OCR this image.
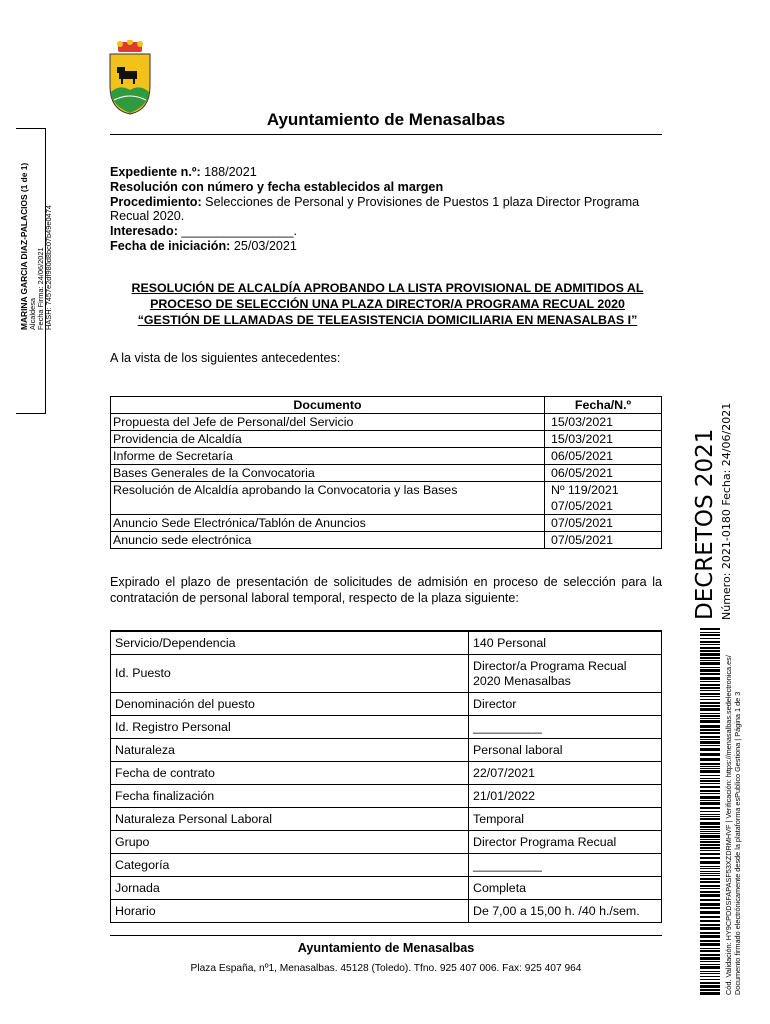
Ayuntamiento de Menasalbas
MARINA GARCIA DIAZ-PALACIOS (1 de 1) Alcaldesa Fecha Firma: 24/06/2021 HASH: 7457e2df980d8bc07b49e0474
Expediente n.º: 188/2021
Resolución con número y fecha establecidos al margen
Procedimiento: Selecciones de Personal y Provisiones de Puestos 1 plaza Director Programa Recual 2020.
Interesado: ________________.
Fecha de iniciación: 25/03/2021
RESOLUCIÓN DE ALCALDÍA APROBANDO LA LISTA PROVISIONAL DE ADMITIDOS AL
PROCESO DE SELECCIÓN UNA PLAZA DIRECTOR/A PROGRAMA RECUAL 2020
“GESTIÓN DE LLAMADAS DE TELEASISTENCIA DOMICILIARIA EN MENASALBAS I”
A la vista de los siguientes antecedentes:
Documento	Fecha/N.º
Propuesta del Jefe de Personal/del Servicio	15/03/2021
Providencia de Alcaldía	15/03/2021
Informe de Secretaría	06/05/2021
Bases Generales de la Convocatoria	06/05/2021
Resolución de Alcaldía aprobando la Convocatoria y las Bases	Nº 119/2021 07/05/2021
Anuncio Sede Electrónica/Tablón de Anuncios	07/05/2021
Anuncio sede electrónica	07/05/2021
Expirado el plazo de presentación de solicitudes de admisión en proceso de selección para la contratación de personal laboral temporal, respecto de la plaza siguiente:
Servicio/Dependencia	140 Personal
Id. Puesto	Director/a Programa Recual 2020 Menasalbas
Denominación del puesto	Director
Id. Registro Personal	__________
Naturaleza	Personal laboral
Fecha de contrato	22/07/2021
Fecha finalización	21/01/2022
Naturaleza Personal Laboral	Temporal
Grupo	Director Programa Recual
Categoría	__________
Jornada	Completa
Horario	De 7,00 a 15,00 h. /40 h./sem.
Ayuntamiento de Menasalbas
Plaza España, nº1, Menasalbas. 45128 (Toledo). Tfno. 925 407 006. Fax: 925 407 964
DECRETOS 2021 Número: 2021-0180 Fecha: 24/06/2021
Cód. Validación: HY9CPDDSFAPASF53XZDRMHVF | Verificación: https://menasalbas.sedelectronica.es/ Documento firmado electrónicamente desde la plataforma esPublico Gestiona | Página 1 de 3
